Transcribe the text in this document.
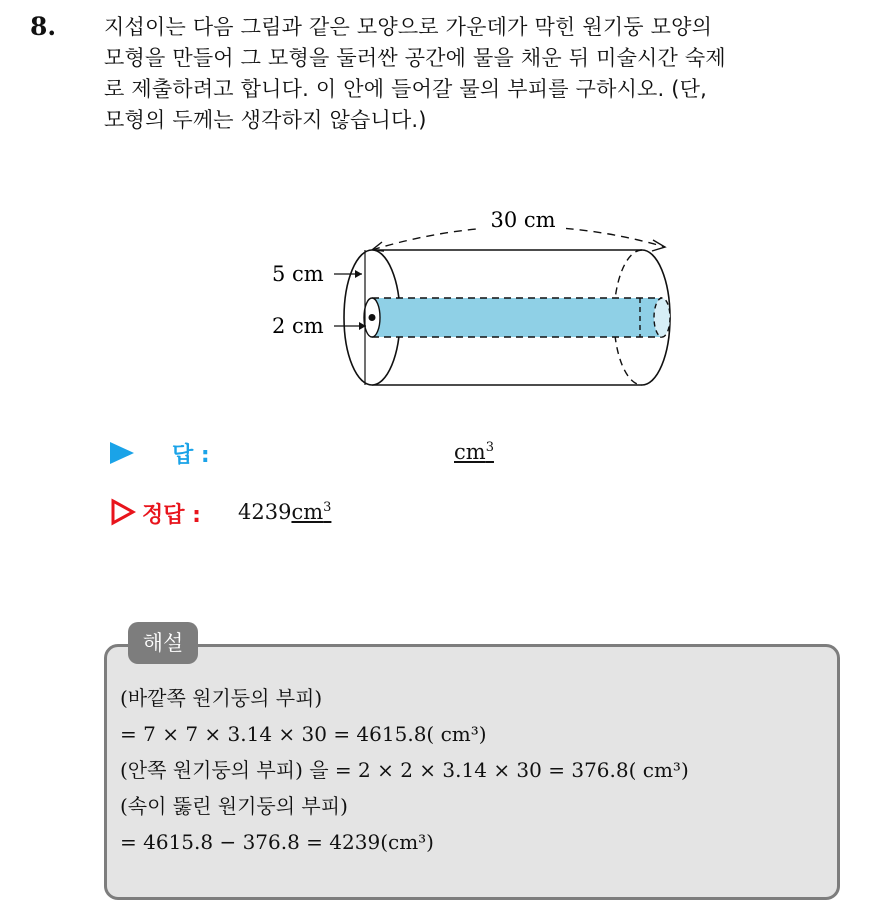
8. 지섭이는 다음 그림과 같은 모양으로 가운데가 막힌 원기둥 모양의
모형을 만들어 그 모형을 둘러싼 공간에 물을 채운 뒤 미술시간 숙제
로 제출하려고 합니다. 이 안에 들어갈 물의 부피를 구하시오. (단,
모형의 두께는 생각하지 않습니다.)
30 cm
5 cm
2 cm
답 :	$cm^3$
정답 : $4239cm^3$
해설
(바깥쪽 원기둥의 부피)
= 7 × 7 × 3.14 × 30 = 4615.8( cm³)
(안쪽 원기둥의 부피) 을 = 2 × 2 × 3.14 × 30 = 376.8( cm³)
(속이 뚫린 원기둥의 부피)
= 4615.8 − 376.8 = 4239(cm³)
